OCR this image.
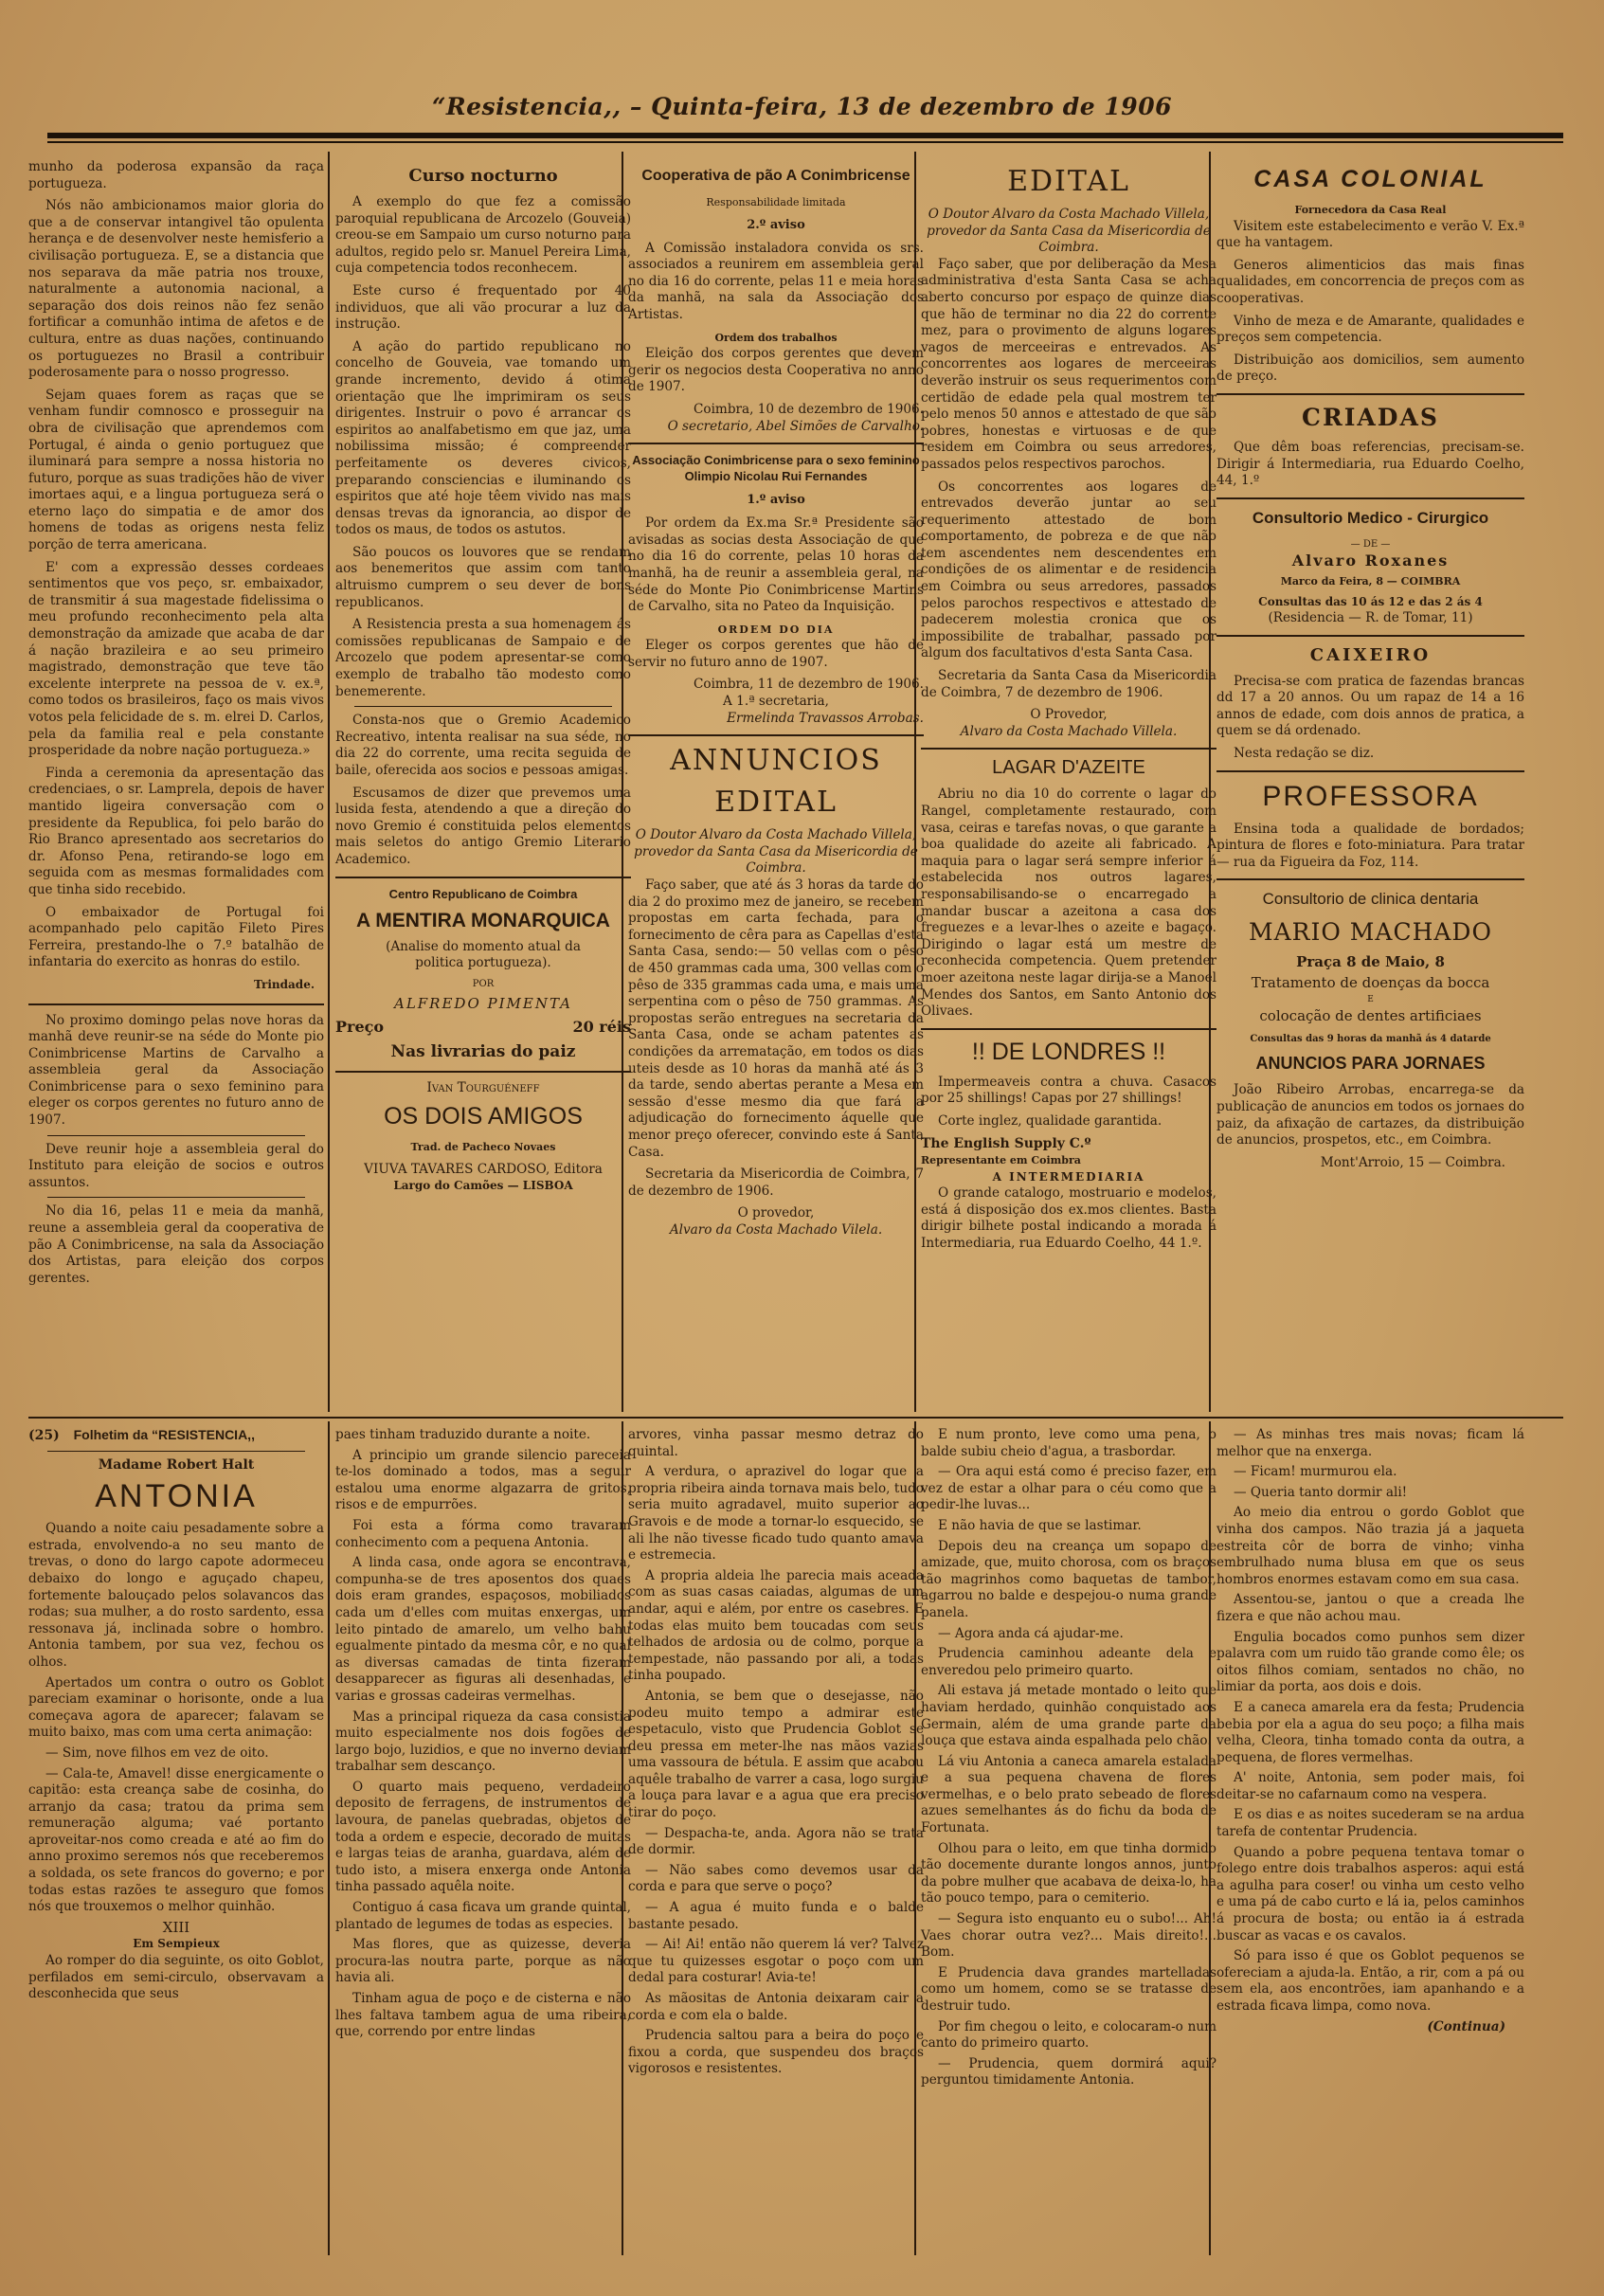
“Resistencia,, – Quinta-feira, 13 de dezembro de 1906

munho da poderosa expansão da raça portugueza.

Nós não ambicionamos maior gloria do que a de conservar intangivel tão opulenta herança e de desenvolver neste hemisferio a civilisação portugueza. E, se a distancia que nos separava da mãe patria nos trouxe, naturalmente a autonomia nacional, a separação dos dois reinos não fez senão fortificar a comunhão intima de afetos e de cultura, entre as duas nações, continuando os portuguezes no Brasil a contribuir poderosamente para o nosso progresso.

Sejam quaes forem as raças que se venham fundir comnosco e prosseguir na obra de civilisação que aprendemos com Portugal, é ainda o genio portuguez que iluminará para sempre a nossa historia no futuro, porque as suas tradições hão de viver imortaes aqui, e a lingua portugueza será o eterno laço do simpatia e de amor dos homens de todas as origens nesta feliz porção de terra americana.

E' com a expressão desses cordeaes sentimentos que vos peço, sr. embaixador, de transmitir á sua magestade fidelissima o meu profundo reconhecimento pela alta demonstração da amizade que acaba de dar á nação brazileira e ao seu primeiro magistrado, demonstração que teve tão excelente interprete na pessoa de v. ex.ª, como todos os brasileiros, faço os mais vivos votos pela felicidade de s. m. elrei D. Carlos, pela da familia real e pela constante prosperidade da nobre nação portugueza.»

Finda a ceremonia da apresentação das credenciaes, o sr. Lamprela, depois de haver mantido ligeira conversação com o presidente da Republica, foi pelo barão do Rio Branco apresentado aos secretarios do dr. Afonso Pena, retirando-se logo em seguida com as mesmas formalidades com que tinha sido recebido.

O embaixador de Portugal foi acompanhado pelo capitão Fileto Pires Ferreira, prestando-lhe o 7.º batalhão de infantaria do exercito as honras do estilo.

Trindade.

No proximo domingo pelas nove horas da manhã deve reunir-se na séde do Monte pio Conimbricense Martins de Carvalho a assembleia geral da Associação Conimbricense para o sexo feminino para eleger os corpos gerentes no futuro anno de 1907.

Deve reunir hoje a assembleia geral do Instituto para eleição de socios e outros assuntos.

No dia 16, pelas 11 e meia da manhã, reune a assembleia geral da cooperativa de pão A Conimbricense, na sala da Associação dos Artistas, para eleição dos corpos gerentes.

Curso nocturno

A exemplo do que fez a comissão paroquial republicana de Arcozelo (Gouveia) creou-se em Sampaio um curso noturno para adultos, regido pelo sr. Manuel Pereira Lima, cuja competencia todos reconhecem.

Este curso é frequentado por 40 individuos, que ali vão procurar a luz da instrução.

A ação do partido republicano no concelho de Gouveia, vae tomando um grande incremento, devido á otima orientação que lhe imprimiram os seus dirigentes. Instruir o povo é arrancar os espiritos ao analfabetismo em que jaz, uma nobilissima missão; é compreender perfeitamente os deveres civicos, preparando consciencias e iluminando os espiritos que até hoje têem vivido nas mais densas trevas da ignorancia, ao dispor de todos os maus, de todos os astutos.

São poucos os louvores que se rendam aos benemeritos que assim com tanto altruismo cumprem o seu dever de bons republicanos.

A Resistencia presta a sua homenagem ás comissões republicanas de Sampaio e de Arcozelo que podem apresentar-se como exemplo de trabalho tão modesto como benemerente.

Consta-nos que o Gremio Academico Recreativo, intenta realisar na sua séde, no dia 22 do corrente, uma recita seguida de baile, oferecida aos socios e pessoas amigas.

Escusamos de dizer que prevemos uma lusida festa, atendendo a que a direção do novo Gremio é constituida pelos elementos mais seletos do antigo Gremio Literario Academico.

Centro Republicano de Coimbra
A MENTIRA MONARQUICA
(Analise do momento atual da politica portugueza).
POR
ALFREDO PIMENTA
Preço	20 réis
Nas livrarias do paiz
Ivan Tourguéneff
OS DOIS AMIGOS
Trad. de Pacheco Novaes
VIUVA TAVARES CARDOSO, Editora
Largo do Camões — LISBOA
Cooperativa de pão A Conimbricense
Responsabilidade limitada
2.º aviso

A Comissão instaladora convida os srs. associados a reunirem em assembleia geral no dia 16 do corrente, pelas 11 e meia horas da manhã, na sala da Associação dos Artistas.

Ordem dos trabalhos

Eleição dos corpos gerentes que devem gerir os negocios desta Cooperativa no anno de 1907.

Coimbra, 10 de dezembro de 1906.
O secretario, Abel Simões de Carvalho.
Associação Conimbricense para o sexo feminino Olimpio Nicolau Rui Fernandes
1.º aviso

Por ordem da Ex.ma Sr.ª Presidente são avisadas as socias desta Associação de que no dia 16 do corrente, pelas 10 horas da manhã, ha de reunir a assembleia geral, na séde do Monte Pio Conimbricense Martins de Carvalho, sita no Pateo da Inquisição.

ORDEM DO DIA

Eleger os corpos gerentes que hão de servir no futuro anno de 1907.

Coimbra, 11 de dezembro de 1906.
A 1.ª secretaria,
Ermelinda Travassos Arrobas.
ANNUNCIOS
EDITAL
O Doutor Alvaro da Costa Machado Villela, provedor da Santa Casa da Misericordia de Coimbra.

Faço saber, que até ás 3 horas da tarde do dia 2 do proximo mez de janeiro, se recebem propostas em carta fechada, para o fornecimento de cêra para as Capellas d'esta Santa Casa, sendo:— 50 vellas com o pêso de 450 grammas cada uma, 300 vellas com o pêso de 335 grammas cada uma, e mais uma serpentina com o pêso de 750 grammas. As propostas serão entregues na secretaria da Santa Casa, onde se acham patentes as condições da arrematação, em todos os dias uteis desde as 10 horas da manhã até ás 3 da tarde, sendo abertas perante a Mesa em sessão d'esse mesmo dia que fará a adjudicação do fornecimento áquelle que menor preço oferecer, convindo este á Santa Casa.

Secretaria da Misericordia de Coimbra, 7 de dezembro de 1906.

O provedor,
Alvaro da Costa Machado Vilela.
EDITAL
O Doutor Alvaro da Costa Machado Villela, provedor da Santa Casa da Misericordia de Coimbra.

Faço saber, que por deliberação da Mesa administrativa d'esta Santa Casa se acha aberto concurso por espaço de quinze dias que hão de terminar no dia 22 do corrente mez, para o provimento de alguns logares vagos de merceeiras e entrevados. As concorrentes aos logares de merceeiras deverão instruir os seus requerimentos com certidão de edade pela qual mostrem ter pelo menos 50 annos e attestado de que são pobres, honestas e virtuosas e de que residem em Coimbra ou seus arredores, passados pelos respectivos parochos.

Os concorrentes aos logares de entrevados deverão juntar ao seu requerimento attestado de bom comportamento, de pobreza e de que não tem ascendentes nem descendentes em condições de os alimentar e de residencia em Coimbra ou seus arredores, passados pelos parochos respectivos e attestado de padecerem molestia cronica que os impossibilite de trabalhar, passado por algum dos facultativos d'esta Santa Casa.

Secretaria da Santa Casa da Misericordia de Coimbra, 7 de dezembro de 1906.

O Provedor,
Alvaro da Costa Machado Villela.
LAGAR D'AZEITE

Abriu no dia 10 do corrente o lagar do Rangel, completamente restaurado, com vasa, ceiras e tarefas novas, o que garante a boa qualidade do azeite ali fabricado. A maquia para o lagar será sempre inferior á estabelecida nos outros lagares, responsabilisando-se o encarregado a mandar buscar a azeitona a casa dos freguezes e a levar-lhes o azeite e bagaço. Dirigindo o lagar está um mestre de reconhecida competencia. Quem pretender moer azeitona neste lagar dirija-se a Manoel Mendes dos Santos, em Santo Antonio dos Olivaes.

!! DE LONDRES !!

Impermeaveis contra a chuva. Casacos por 25 shillings! Capas por 27 shillings!

Corte inglez, qualidade garantida.

The English Supply C.º
Representante em Coimbra
A INTERMEDIARIA

O grande catalogo, mostruario e modelos, está á disposição dos ex.mos clientes. Basta dirigir bilhete postal indicando a morada á Intermediaria, rua Eduardo Coelho, 44 1.º.

CASA COLONIAL
Fornecedora da Casa Real

Visitem este estabelecimento e verão V. Ex.ª que ha vantagem.

Generos alimenticios das mais finas qualidades, em concorrencia de preços com as cooperativas.

Vinho de meza e de Amarante, qualidades e preços sem competencia.

Distribuição aos domicilios, sem aumento de preço.

CRIADAS

Que dêm boas referencias, precisam-se. Dirigir á Intermediaria, rua Eduardo Coelho, 44, 1.º

Consultorio Medico - Cirurgico
— DE —
Alvaro Roxanes
Marco da Feira, 8 — COIMBRA
Consultas das 10 ás 12 e das 2 ás 4
(Residencia — R. de Tomar, 11)
CAIXEIRO

Precisa-se com pratica de fazendas brancas dd 17 a 20 annos. Ou um rapaz de 14 a 16 annos de edade, com dois annos de pratica, a quem se dá ordenado.

Nesta redação se diz.

PROFESSORA

Ensina toda a qualidade de bordados; pintura de flores e foto-miniatura. Para tratar — rua da Figueira da Foz, 114.

Consultorio de clinica dentaria
MARIO MACHADO
Praça 8 de Maio, 8
Tratamento de doenças da bocca
E
colocação de dentes artificiaes
Consultas das 9 horas da manhã ás 4 datarde
ANUNCIOS PARA JORNAES

João Ribeiro Arrobas, encarrega-se da publicação de anuncios em todos os jornaes do paiz, da afixação de cartazes, da distribuição de anuncios, prospetos, etc., em Coimbra.

Mont'Arroio, 15 — Coimbra.
(25) Folhetim da “RESISTENCIA,,
Madame Robert Halt
ANTONIA

Quando a noite caiu pesadamente sobre a estrada, envolvendo-a no seu manto de trevas, o dono do largo capote adormeceu debaixo do longo e aguçado chapeu, fortemente balouçado pelos solavancos das rodas; sua mulher, a do rosto sardento, essa ressonava já, inclinada sobre o hombro. Antonia tambem, por sua vez, fechou os olhos.

Apertados um contra o outro os Goblot pareciam examinar o horisonte, onde a lua começava agora de aparecer; falavam se muito baixo, mas com uma certa animação:

— Sim, nove filhos em vez de oito.

— Cala-te, Amavel! disse energicamente o capitão: esta creança sabe de cosinha, do arranjo da casa; tratou da prima sem remuneração alguma; vaé portanto aproveitar-nos como creada e até ao fim do anno proximo seremos nós que receberemos a soldada, os sete francos do governo; e por todas estas razões te asseguro que fomos nós que trouxemos o melhor quinhão.

XIII
Em Sempieux

Ao romper do dia seguinte, os oito Goblot, perfilados em semi-circulo, observavam a desconhecida que seus

paes tinham traduzido durante a noite.

A principio um grande silencio pareceia te-los dominado a todos, mas a seguir estalou uma enorme algazarra de gritos, risos e de empurrões.

Foi esta a fórma como travaram conhecimento com a pequena Antonia.

A linda casa, onde agora se encontrava, compunha-se de tres aposentos dos quaes dois eram grandes, espaçosos, mobiliados cada um d'elles com muitas enxergas, um leito pintado de amarelo, um velho bahu egualmente pintado da mesma côr, e no qual as diversas camadas de tinta fizeram desapparecer as figuras ali desenhadas, e varias e grossas cadeiras vermelhas.

Mas a principal riqueza da casa consistia muito especialmente nos dois fogões de largo bojo, luzidios, e que no inverno deviam trabalhar sem descanço.

O quarto mais pequeno, verdadeiro deposito de ferragens, de instrumentos de lavoura, de panelas quebradas, objetos de toda a ordem e especie, decorado de muitas e largas teias de aranha, guardava, além de tudo isto, a misera enxerga onde Antonia tinha passado aquêla noite.

Contiguo á casa ficava um grande quintal, plantado de legumes de todas as especies.

Mas flores, que as quizesse, deveria procura-las noutra parte, porque as não havia ali.

Tinham agua de poço e de cisterna e não lhes faltava tambem agua de uma ribeira, que, correndo por entre lindas

arvores, vinha passar mesmo detraz do quintal.

A verdura, o aprazivel do logar que a propria ribeira ainda tornava mais belo, tudo seria muito agradavel, muito superior ao Gravois e de mode a tornar-lo esquecido, se ali lhe não tivesse ficado tudo quanto amava e estremecia.

A propria aldeia lhe parecia mais aceada com as suas casas caiadas, algumas de um andar, aqui e além, por entre os casebres. E todas elas muito bem toucadas com seus telhados de ardosia ou de colmo, porque a tempestade, não passando por ali, a todas tinha poupado.

Antonia, se bem que o desejasse, não podeu muito tempo a admirar este espetaculo, visto que Prudencia Goblot se deu pressa em meter-lhe nas mãos vazias uma vassoura de bétula. E assim que acabou aquêle trabalho de varrer a casa, logo surgiu a louça para lavar e a agua que era preciso tirar do poço.

— Despacha-te, anda. Agora não se trata de dormir.

— Não sabes como devemos usar da corda e para que serve o poço?

— A agua é muito funda e o balde bastante pesado.

— Ai! Ai! então não querem lá ver? Talvez que tu quizesses esgotar o poço com um dedal para costurar! Avia-te!

As mãositas de Antonia deixaram cair a corda e com ela o balde.

Prudencia saltou para a beira do poço e fixou a corda, que suspendeu dos braços vigorosos e resistentes.

E num pronto, leve como uma pena, o balde subiu cheio d'agua, a trasbordar.

— Ora aqui está como é preciso fazer, em vez de estar a olhar para o céu como que a pedir-lhe luvas...

E não havia de que se lastimar.

Depois deu na creança um sopapo de amizade, que, muito chorosa, com os braços tão magrinhos como baquetas de tambor, agarrou no balde e despejou-o numa grande panela.

— Agora anda cá ajudar-me.

Prudencia caminhou adeante dela e enveredou pelo primeiro quarto.

Ali estava já metade montado o leito que haviam herdado, quinhão conquistado aos Germain, além de uma grande parte da louça que estava ainda espalhada pelo chão.

Lá viu Antonia a caneca amarela estalada e a sua pequena chavena de flores vermelhas, e o belo prato sebeado de flores azues semelhantes ás do fichu da boda de Fortunata.

Olhou para o leito, em que tinha dormido tão docemente durante longos annos, junto da pobre mulher que acabava de deixa-lo, ha tão pouco tempo, para o cemiterio.

— Segura isto enquanto eu o subo!... Ah! Vaes chorar outra vez?... Mais direito!... Bom.

E Prudencia dava grandes martelladas como um homem, como se se tratasse de destruir tudo.

Por fim chegou o leito, e colocaram-o num canto do primeiro quarto.

— Prudencia, quem dormirá aqui? perguntou timidamente Antonia.

— As minhas tres mais novas; ficam lá melhor que na enxerga.

— Ficam! murmurou ela.

— Queria tanto dormir ali!

Ao meio dia entrou o gordo Goblot que vinha dos campos. Não trazia já a jaqueta estreita côr de borra de vinho; vinha embrulhado numa blusa em que os seus hombros enormes estavam como em sua casa.

Assentou-se, jantou o que a creada lhe fizera e que não achou mau.

Engulia bocados como punhos sem dizer palavra com um ruido tão grande como êle; os oitos filhos comiam, sentados no chão, no limiar da porta, aos dois e dois.

E a caneca amarela era da festa; Prudencia bebia por ela a agua do seu poço; a filha mais velha, Cleora, tinha tomado conta da outra, a pequena, de flores vermelhas.

A' noite, Antonia, sem poder mais, foi deitar-se no cafarnaum como na vespera.

E os dias e as noites sucederam se na ardua tarefa de contentar Prudencia.

Quando a pobre pequena tentava tomar o folego entre dois trabalhos asperos: aqui está a agulha para coser! ou vinha um cesto velho e uma pá de cabo curto e lá ia, pelos caminhos á procura de bosta; ou então ia á estrada buscar as vacas e os cavalos.

Só para isso é que os Goblot pequenos se ofereciam a ajuda-la. Então, a rir, com a pá ou sem ela, aos encontrões, iam apanhando e a estrada ficava limpa, como nova.

(Continua)
